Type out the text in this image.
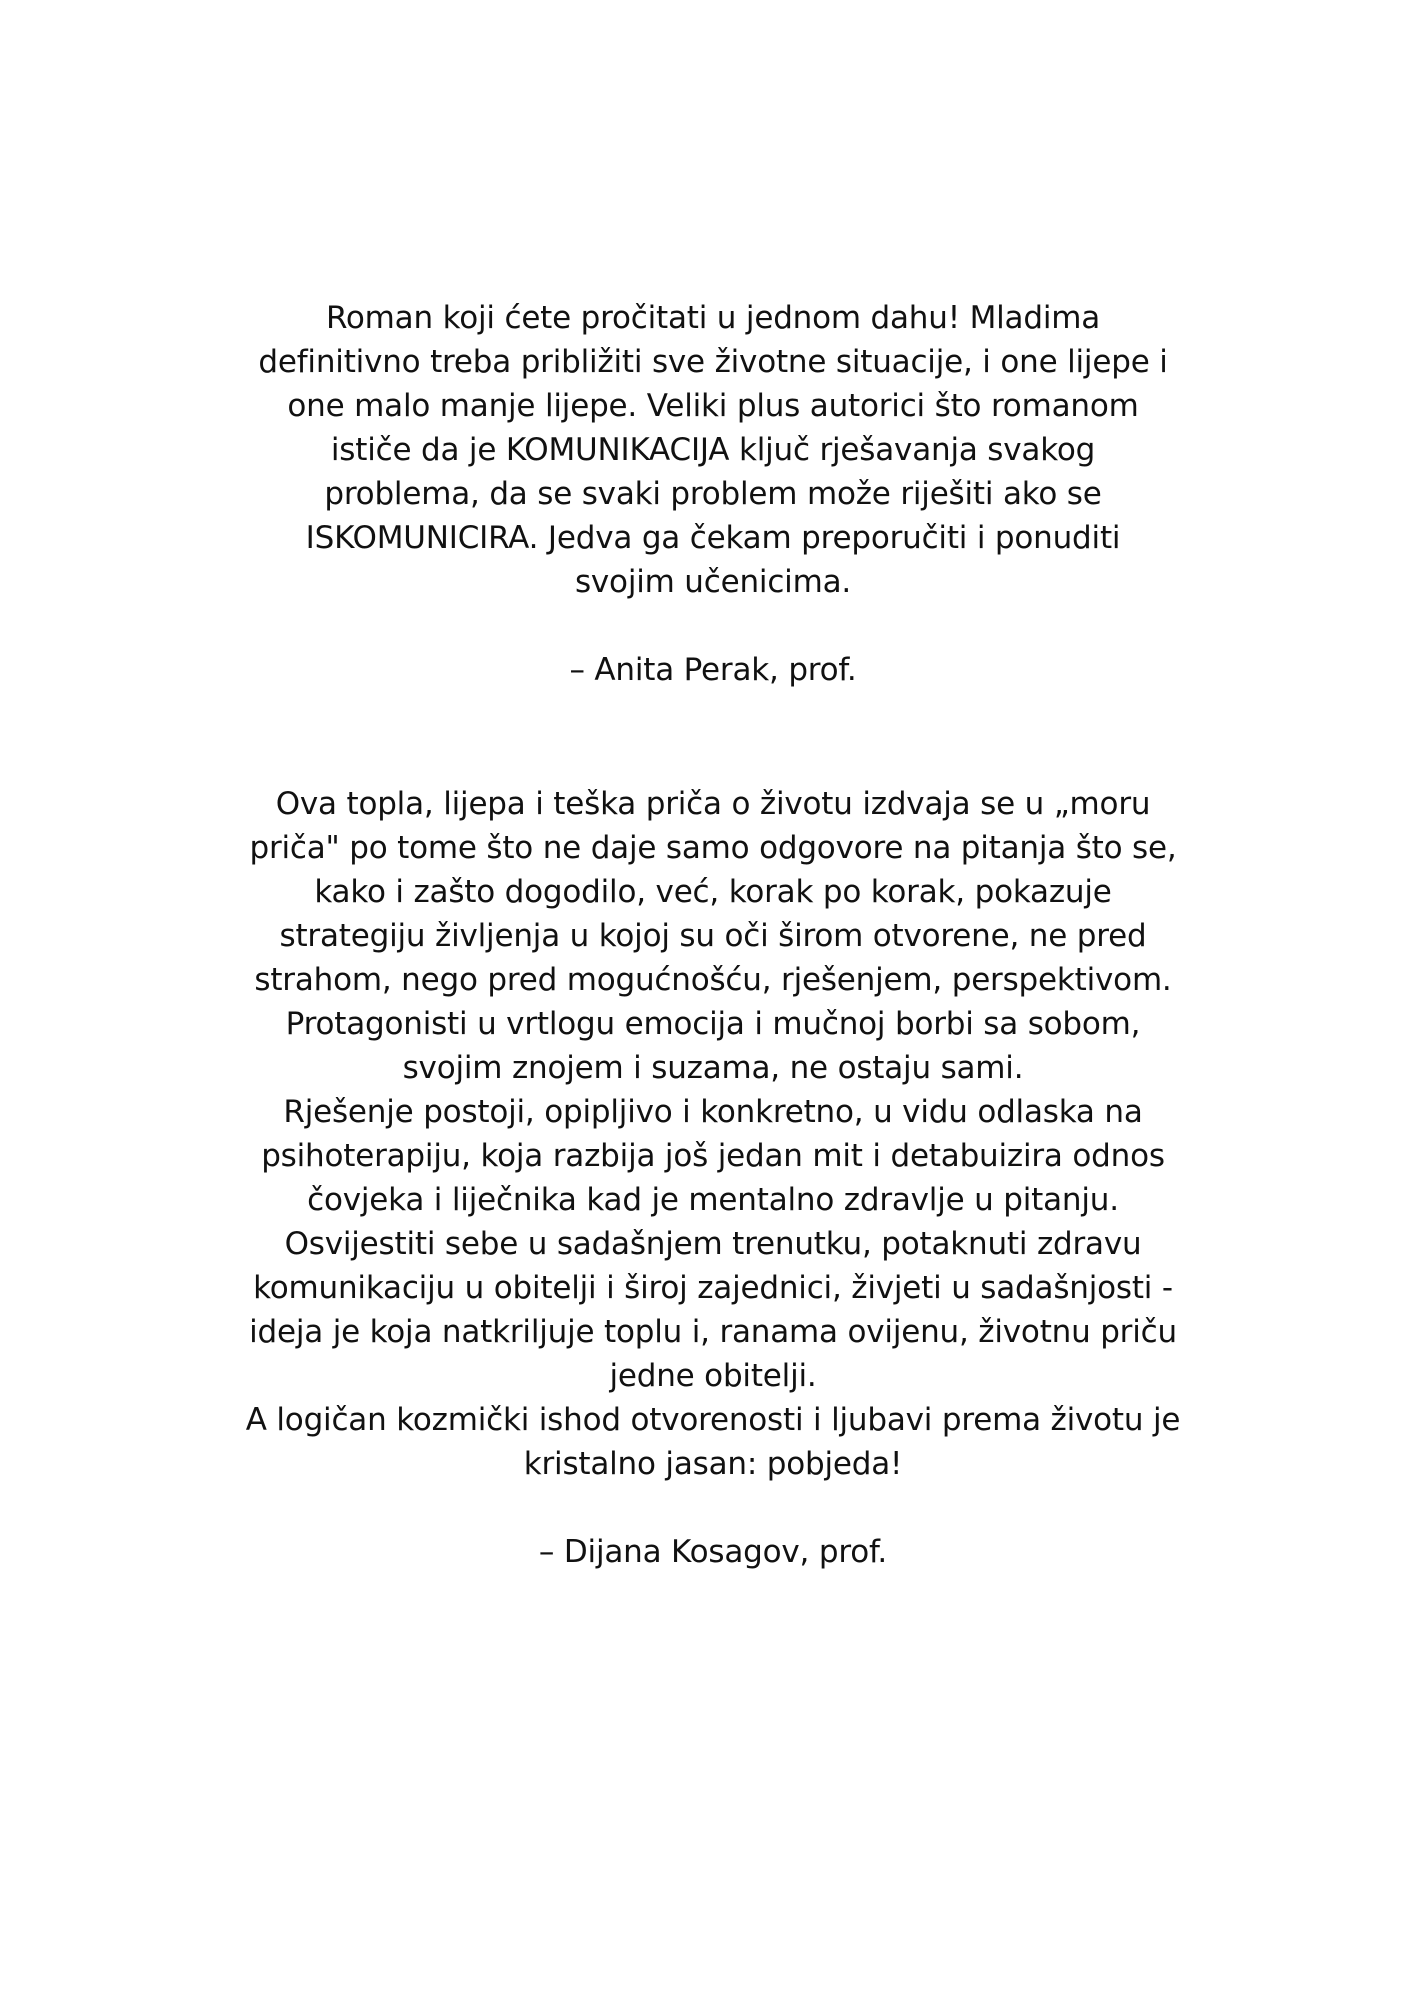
Roman koji ćete pročitati u jednom dahu! Mladima
definitivno treba približiti sve životne situacije, i one lijepe i
one malo manje lijepe. Veliki plus autorici što romanom
ističe da je KOMUNIKACIJA ključ rješavanja svakog
problema, da se svaki problem može riješiti ako se
ISKOMUNICIRA. Jedva ga čekam preporučiti i ponuditi
svojim učenicima.
– Anita Perak, prof.
Ova topla, lijepa i teška priča o životu izdvaja se u „moru
priča" po tome što ne daje samo odgovore na pitanja što se,
kako i zašto dogodilo, već, korak po korak, pokazuje
strategiju življenja u kojoj su oči širom otvorene, ne pred
strahom, nego pred mogućnošću, rješenjem, perspektivom.
Protagonisti u vrtlogu emocija i mučnoj borbi sa sobom,
svojim znojem i suzama, ne ostaju sami.
Rješenje postoji, opipljivo i konkretno, u vidu odlaska na
psihoterapiju, koja razbija još jedan mit i detabuizira odnos
čovjeka i liječnika kad je mentalno zdravlje u pitanju.
Osvijestiti sebe u sadašnjem trenutku, potaknuti zdravu
komunikaciju u obitelji i široj zajednici, živjeti u sadašnjosti -
ideja je koja natkriljuje toplu i, ranama ovijenu, životnu priču
jedne obitelji.
A logičan kozmički ishod otvorenosti i ljubavi prema životu je
kristalno jasan: pobjeda!
– Dijana Kosagov, prof.
